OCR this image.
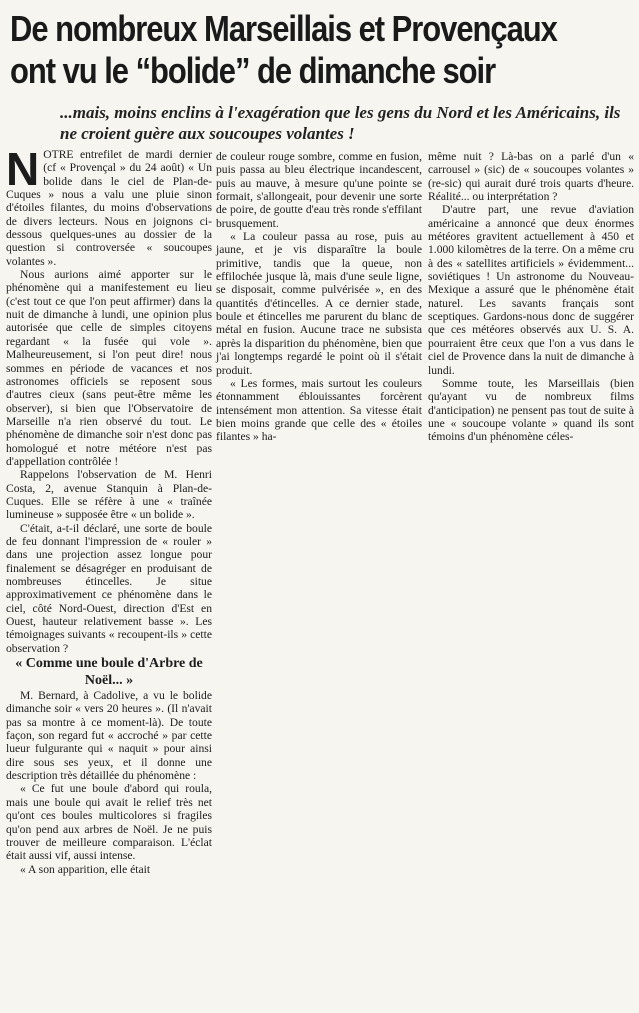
De nombreux Marseillais et Provençaux
ont vu le “bolide” de dimanche soir
...mais, moins enclins à l'exagération que les gens du Nord et les Américains, ils ne croient guère aux soucoupes volantes !

NOTRE entrefilet de mardi dernier (cf « Provençal » du 24 août) « Un bolide dans le ciel de Plan-de-Cuques » nous a valu une pluie sinon d'étoiles filantes, du moins d'observations de divers lecteurs. Nous en joignons ci-dessous quelques-unes au dossier de la question si controversée « soucoupes volantes ».

Nous aurions aimé apporter sur le phénomène qui a manifestement eu lieu (c'est tout ce que l'on peut affirmer) dans la nuit de dimanche à lundi, une opinion plus autorisée que celle de simples citoyens regardant « la fusée qui vole ». Malheureusement, si l'on peut dire! nous sommes en période de vacances et nos astronomes officiels se reposent sous d'autres cieux (sans peut-être même les observer), si bien que l'Observatoire de Marseille n'a rien observé du tout. Le phénomène de dimanche soir n'est donc pas homologué et notre météore n'est pas d'appellation contrôlée !

Rappelons l'observation de M. Henri Costa, 2, avenue Stanquin à Plan-de-Cuques. Elle se réfère à une « traînée lumineuse » supposée être « un bolide ».

C'était, a-t-il déclaré, une sorte de boule de feu donnant l'impression de « rouler » dans une projection assez longue pour finalement se désagréger en produisant de nombreuses étincelles. Je situe approximativement ce phénomène dans le ciel, côté Nord-Ouest, direction d'Est en Ouest, hauteur relativement basse ». Les témoignages suivants « recoupent-ils » cette observation ?

« Comme une boule d'Arbre de Noël... »

M. Bernard, à Cadolive, a vu le bolide dimanche soir « vers 20 heures ». (Il n'avait pas sa montre à ce moment-là). De toute façon, son regard fut « accroché » par cette lueur fulgurante qui « naquit » pour ainsi dire sous ses yeux, et il donne une description très détaillée du phénomène :

« Ce fut une boule d'abord qui roula, mais une boule qui avait le relief très net qu'ont ces boules multicolores si fragiles qu'on pend aux arbres de Noël. Je ne puis trouver de meilleure comparaison. L'éclat était aussi vif, aussi intense.

« A son apparition, elle était

de couleur rouge sombre, comme en fusion, puis passa au bleu électrique incandescent, puis au mauve, à mesure qu'une pointe se formait, s'allongeait, pour devenir une sorte de poire, de goutte d'eau très ronde s'effilant brusquement.

« La couleur passa au rose, puis au jaune, et je vis disparaître la boule primitive, tandis que la queue, non effilochée jusque là, mais d'une seule ligne, se disposait, comme pulvérisée », en des quantités d'étincelles. A ce dernier stade, boule et étincelles me parurent du blanc de métal en fusion. Aucune trace ne subsista après la disparition du phénomène, bien que j'ai longtemps regardé le point où il s'était produit.

« Les formes, mais surtout les couleurs étonnamment éblouissantes forcèrent intensément mon attention. Sa vitesse était bien moins grande que celle des « étoiles filantes » ha-

même nuit ? Là-bas on a parlé d'un « carrousel » (sic) de « soucoupes volantes » (re-sic) qui aurait duré trois quarts d'heure. Réalité... ou interprétation ?

D'autre part, une revue d'aviation américaine a annoncé que deux énormes météores gravitent actuellement à 450 et 1.000 kilomètres de la terre. On a même cru à des « satellites artificiels » évidemment... soviétiques ! Un astronome du Nouveau-Mexique a assuré que le phénomène était naturel. Les savants français sont sceptiques. Gardons-nous donc de suggérer que ces météores observés aux U. S. A. pourraient être ceux que l'on a vus dans le ciel de Provence dans la nuit de dimanche à lundi.

Somme toute, les Marseillais (bien qu'ayant vu de nombreux films d'anticipation) ne pensent pas tout de suite à une « soucoupe volante » quand ils sont témoins d'un phénomène céles-
